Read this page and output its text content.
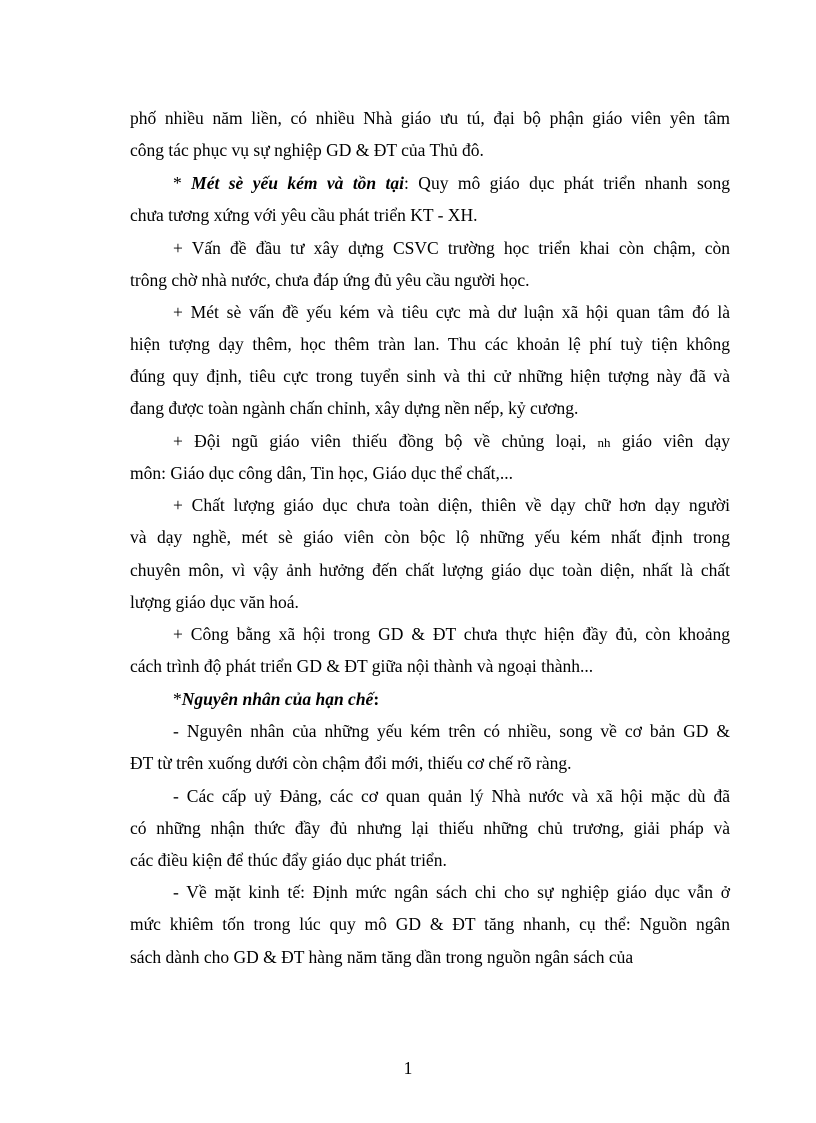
phố nhiều năm liền, có nhiều Nhà giáo ưu tú, đại bộ phận giáo viên yên tâm
công tác phục vụ sự nghiệp GD & ĐT của Thủ đô.
* Mét sè yếu kém và tồn tại: Quy mô giáo dục phát triển nhanh song
chưa tương xứng với yêu cầu phát triển KT - XH.
+ Vấn đề đầu tư xây dựng CSVC trường học triển khai còn chậm, còn
trông chờ nhà nước, chưa đáp ứng đủ yêu cầu người học.
+ Mét sè vấn đề yếu kém và tiêu cực mà dư luận xã hội quan tâm đó là
hiện tượng dạy thêm, học thêm tràn lan. Thu các khoản lệ phí tuỳ tiện không
đúng quy định, tiêu cực trong tuyển sinh và thi cử những hiện tượng này đã và
đang được toàn ngành chấn chỉnh, xây dựng nền nếp, kỷ cương.
+ Đội ngũ giáo viên thiếu đồng bộ về chủng loại, nh giáo viên dạy
môn: Giáo dục công dân, Tin học, Giáo dục thể chất,...
+ Chất lượng giáo dục chưa toàn diện, thiên về dạy chữ hơn dạy người
và dạy nghề, mét sè giáo viên còn bộc lộ những yếu kém nhất định trong
chuyên môn, vì vậy ảnh hưởng đến chất lượng giáo dục toàn diện, nhất là chất
lượng giáo dục văn hoá.
+ Công bằng xã hội trong GD & ĐT chưa thực hiện đầy đủ, còn khoảng
cách trình độ phát triển GD & ĐT giữa nội thành và ngoại thành...
*Nguyên nhân của hạn chế:
- Nguyên nhân của những yếu kém trên có nhiều, song về cơ bản GD &
ĐT từ trên xuống dưới còn chậm đổi mới, thiếu cơ chế rõ ràng.
- Các cấp uỷ Đảng, các cơ quan quản lý Nhà nước và xã hội mặc dù đã
có những nhận thức đầy đủ nhưng lại thiếu những chủ trương, giải pháp và
các điều kiện để thúc đẩy giáo dục phát triển.
- Về mặt kinh tế: Định mức ngân sách chi cho sự nghiệp giáo dục vẫn ở
mức khiêm tốn trong lúc quy mô GD & ĐT tăng nhanh, cụ thể: Nguồn ngân
sách dành cho GD & ĐT hàng năm tăng dần trong nguồn ngân sách của
1
